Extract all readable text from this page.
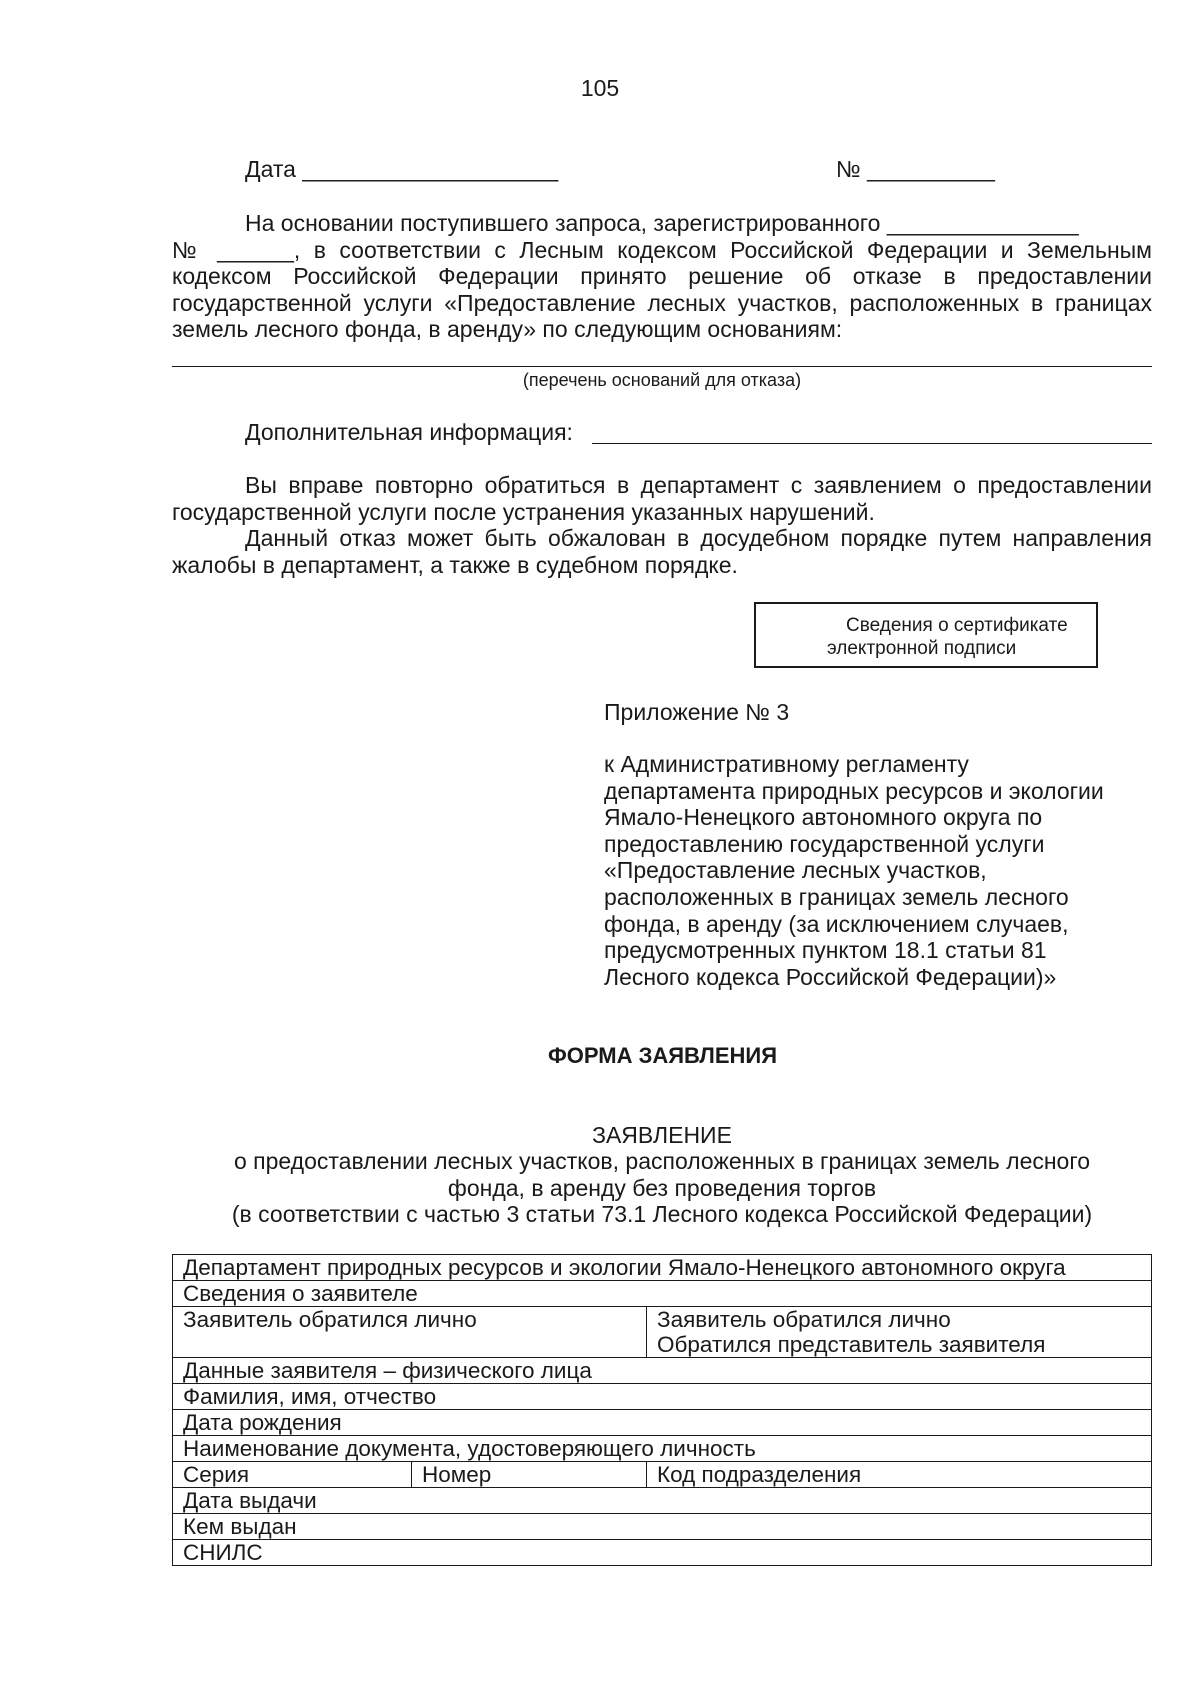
105
Дата ____________________	№ __________
На основании поступившего запроса, зарегистрированного _______________
№ ______, в соответствии с Лесным кодексом Российской Федерации и Земельным кодексом Российской Федерации принято решение об отказе в предоставлении государственной услуги «Предоставление лесных участков, расположенных в границах земель лесного фонда, в аренду» по следующим основаниям:
(перечень оснований для отказа)
Дополнительная информация:
Вы вправе повторно обратиться в департамент с заявлением о предоставлении государственной услуги после устранения указанных нарушений.
Данный отказ может быть обжалован в досудебном порядке путем направления жалобы в департамент, а также в судебном порядке.
Сведения о сертификате
электронной подписи
Приложение № 3
к Административному регламенту
департамента природных ресурсов и экологии
Ямало-Ненецкого автономного округа по
предоставлению государственной услуги
«Предоставление лесных участков,
расположенных в границах земель лесного
фонда, в аренду (за исключением случаев,
предусмотренных пунктом 18.1 статьи 81
Лесного кодекса Российской Федерации)»
ФОРМА ЗАЯВЛЕНИЯ
ЗАЯВЛЕНИЕ
о предоставлении лесных участков, расположенных в границах земель лесного
фонда, в аренду без проведения торгов
(в соответствии с частью 3 статьи 73.1 Лесного кодекса Российской Федерации)
Департамент природных ресурсов и экологии Ямало-Ненецкого автономного округа		
Сведения о заявителе		
Заявитель обратился лично		Заявитель обратился лично
Обратился представитель заявителя

Данные заявителя – физического лица		
Фамилия, имя, отчество		
Дата рождения		
Наименование документа, удостоверяющего личность		
Серия	Номер	Код подразделения
Дата выдачи		
Кем выдан		
СНИЛС		
